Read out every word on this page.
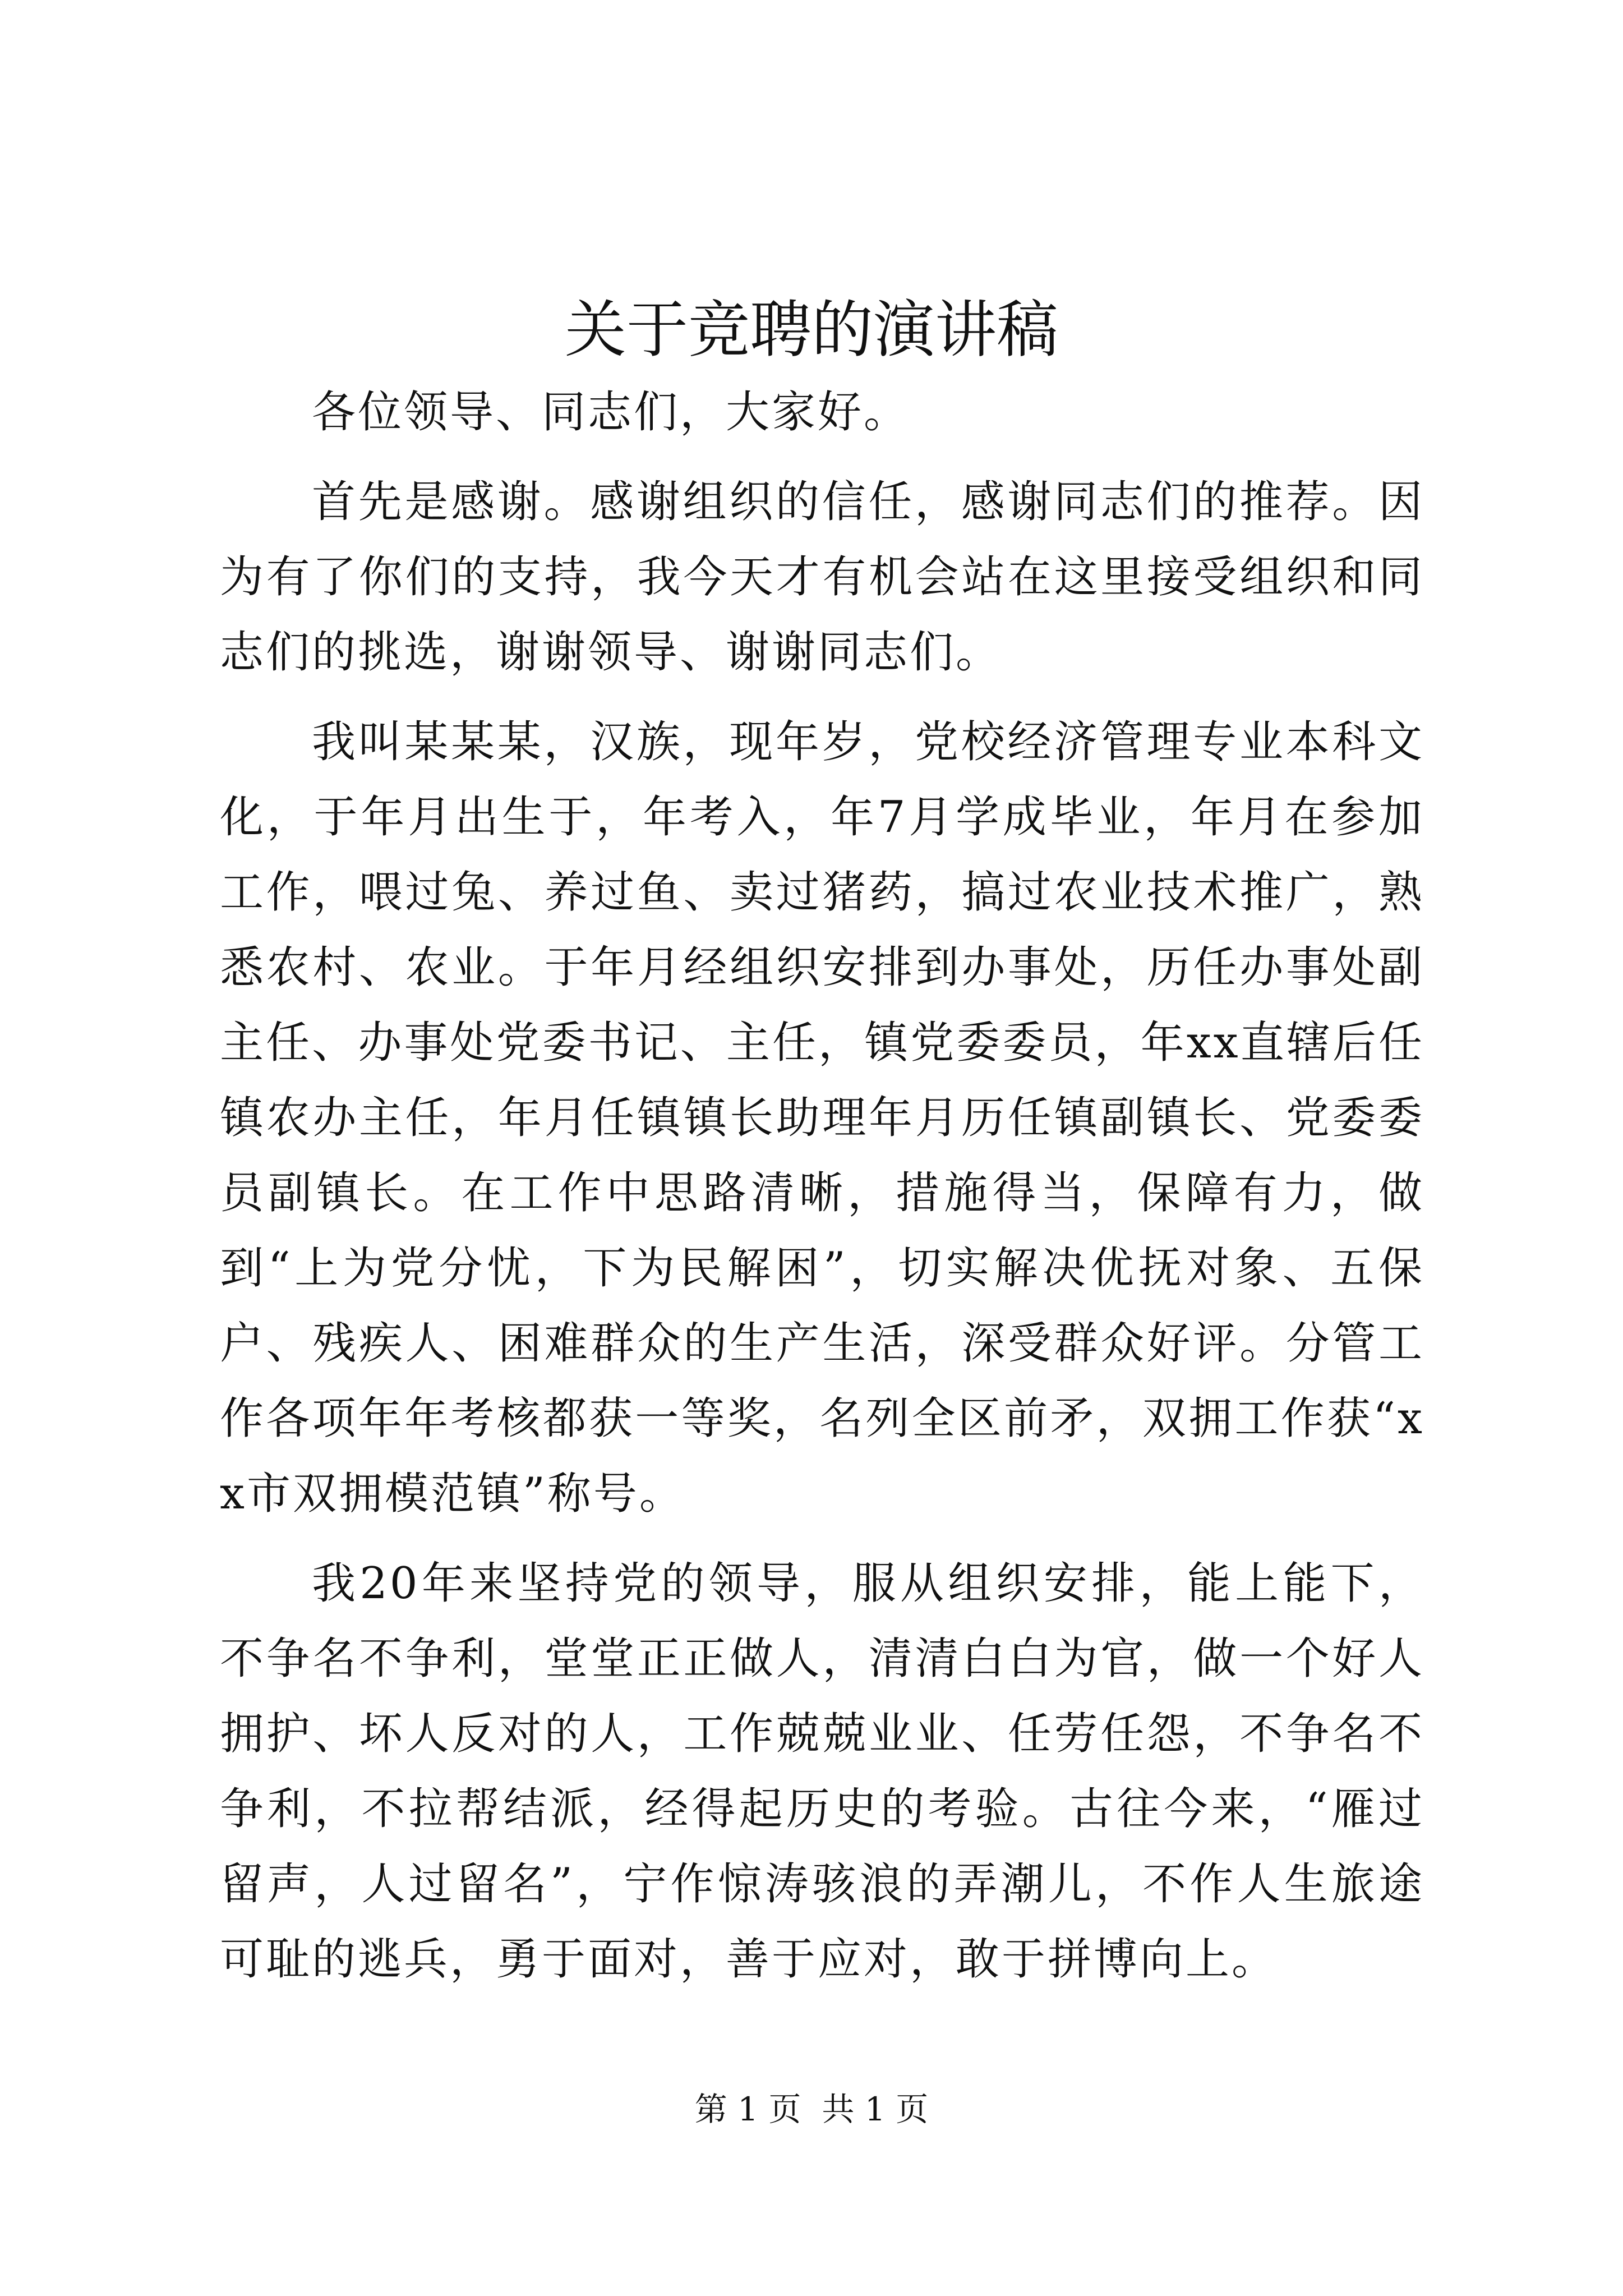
关于竞聘的演讲稿

各位领导、同志们，大家好。

首先是感谢。感谢组织的信任，感谢同志们的推荐。因为有了你们的支持，我今天才有机会站在这里接受组织和同志们的挑选，谢谢领导、谢谢同志们。

我叫某某某，汉族，现年岁，党校经济管理专业本科文化，于年月出生于，年考入，年7月学成毕业，年月在参加工作，喂过兔、养过鱼、卖过猪药，搞过农业技术推广，熟悉农村、农业。于年月经组织安排到办事处，历任办事处副主任、办事处党委书记、主任，镇党委委员，年xx直辖后任镇农办主任，年月任镇镇长助理年月历任镇副镇长、党委委员副镇长。在工作中思路清晰，措施得当，保障有力，做到“上为党分忧，下为民解困”，切实解决优抚对象、五保户、残疾人、困难群众的生产生活，深受群众好评。分管工作各项年年考核都获一等奖，名列全区前矛，双拥工作获“xx市双拥模范镇”称号。

我20年来坚持党的领导，服从组织安排，能上能下，不争名不争利，堂堂正正做人，清清白白为官，做一个好人拥护、坏人反对的人，工作兢兢业业、任劳任怨，不争名不争利，不拉帮结派，经得起历史的考验。古往今来，“雁过留声，人过留名”，宁作惊涛骇浪的弄潮儿，不作人生旅途可耻的逃兵，勇于面对，善于应对，敢于拼博向上。

第 1 页 共 1 页
